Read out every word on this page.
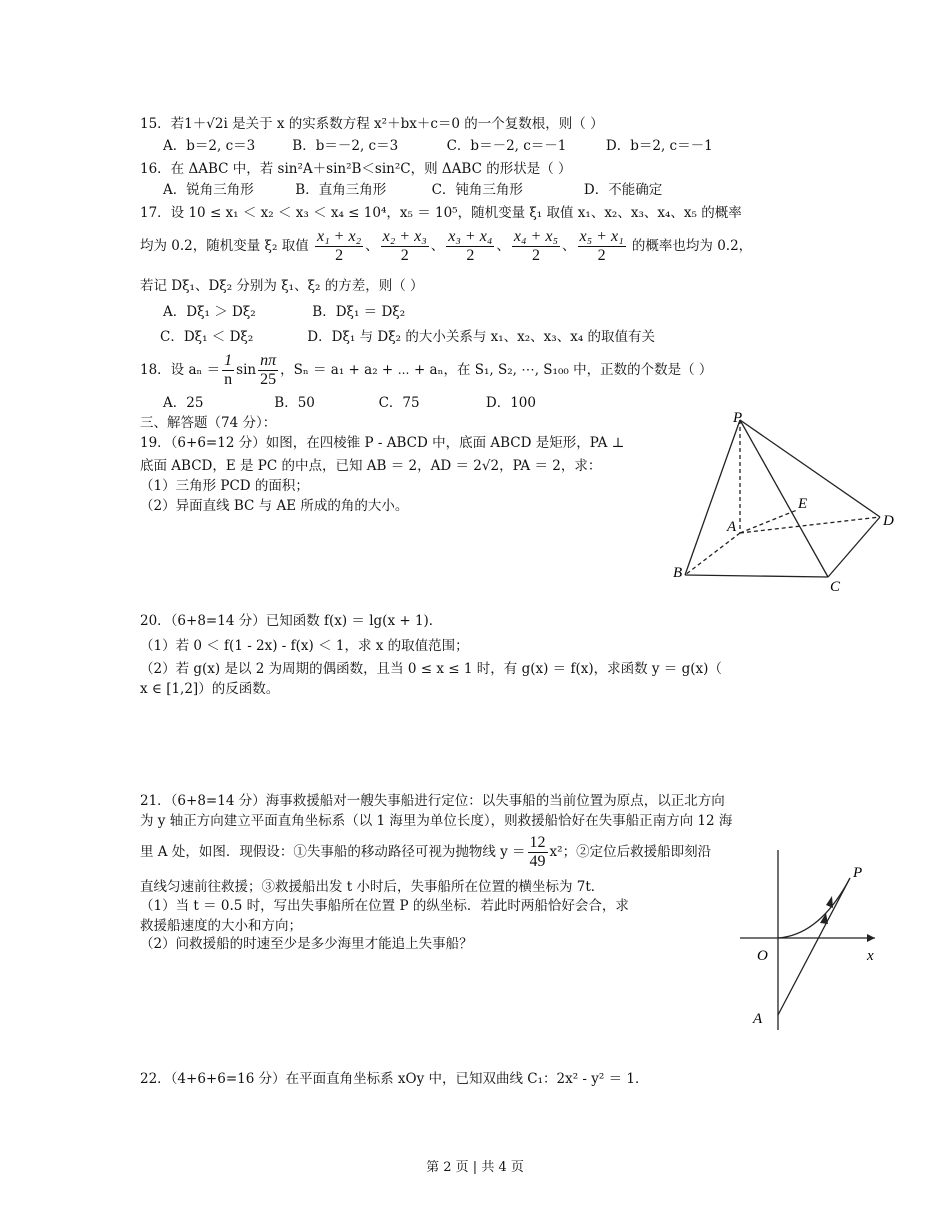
15．若1＋√2i 是关于 x 的实系数方程 x²＋bx＋c＝0 的一个复数根，则（ ）
A．b＝2, c＝3	B．b＝－2, c＝3	C．b＝－2, c＝－1	D．b＝2, c＝－1
16．在 ΔABC 中，若 sin²A＋sin²B＜sin²C，则 ΔABC 的形状是（ ）
A．锐角三角形	B．直角三角形	C．钝角三角形	D．不能确定
17．设 10 ≤ x₁ ＜ x₂ ＜ x₃ ＜ x₄ ≤ 10⁴，x₅ ＝ 10⁵，随机变量 ξ₁ 取值 x₁、x₂、x₃、x₄、x₅ 的概率
均为 0.2，随机变量 ξ₂ 取值 $\frac{\text{x₁ + x₂}}{2}$ 、 $\frac{\text{x₂ + x₃}}{2}$ 、 $\frac{\text{x₃ + x₄}}{2}$ 、 $\frac{\text{x₄ + x₅}}{2}$ 、 $\frac{\text{x₅ + x₁}}{2}$ 的概率也均为 0.2，
若记 Dξ₁、Dξ₂ 分别为 ξ₁、ξ₂ 的方差，则（ ）
A．Dξ₁ ＞ Dξ₂	B．Dξ₁ ＝ Dξ₂
C．Dξ₁ ＜ Dξ₂	D．Dξ₁ 与 Dξ₂ 的大小关系与 x₁、x₂、x₃、x₄ 的取值有关
18．设 $a_n = \frac{1}{n}$ $\sin \frac{n\pi}{25}$ ，Sₙ ＝ a₁ + a₂ + ⋯ + aₙ，在 S₁, S₂, ⋯, S₁₀₀ 中，正数的个数是（ ）
A．25	B．50	C．75	D．100
三、解答题（74 分）：
19．（6+6=12 分）如图，在四棱锥 P - ABCD 中，底面 ABCD 是矩形，PA ⊥
底面 ABCD，E 是 PC 的中点，已知 AB ＝ 2，AD ＝ 2√2，PA ＝ 2，求：
（1）三角形 PCD 的面积；
（2）异面直线 BC 与 AE 所成的角的大小。
P
A
B
C
D
E
20．（6+8=14 分）已知函数 f(x) ＝ lg(x + 1)．
（1）若 0 ＜ f(1 - 2x) - f(x) ＜ 1，求 x 的取值范围；
（2）若 g(x) 是以 2 为周期的偶函数，且当 0 ≤ x ≤ 1 时，有 g(x) ＝ f(x)，求函数 y ＝ g(x)（
x ∈ [1,2]）的反函数。
21．（6+8=14 分）海事救援船对一艘失事船进行定位：以失事船的当前位置为原点，以正北方向
为 y 轴正方向建立平面直角坐标系（以 1 海里为单位长度），则救援船恰好在失事船正南方向 12 海
里 A 处，如图．现假设：①失事船的移动路径可视为抛物线 $y = \frac{12}{49} x^2$；②定位后救援船即刻沿
直线匀速前往救援；③救援船出发 t 小时后，失事船所在位置的横坐标为 7t．
（1）当 t ＝ 0.5 时，写出失事船所在位置 P 的纵坐标．若此时两船恰好会合，求
救援船速度的大小和方向；
（2）问救援船的时速至少是多少海里才能追上失事船？
P
O	x
A
22．（4+6+6=16 分）在平面直角坐标系 xOy 中，已知双曲线 C₁：2x² - y² ＝ 1．
第 2 页 | 共 4 页
